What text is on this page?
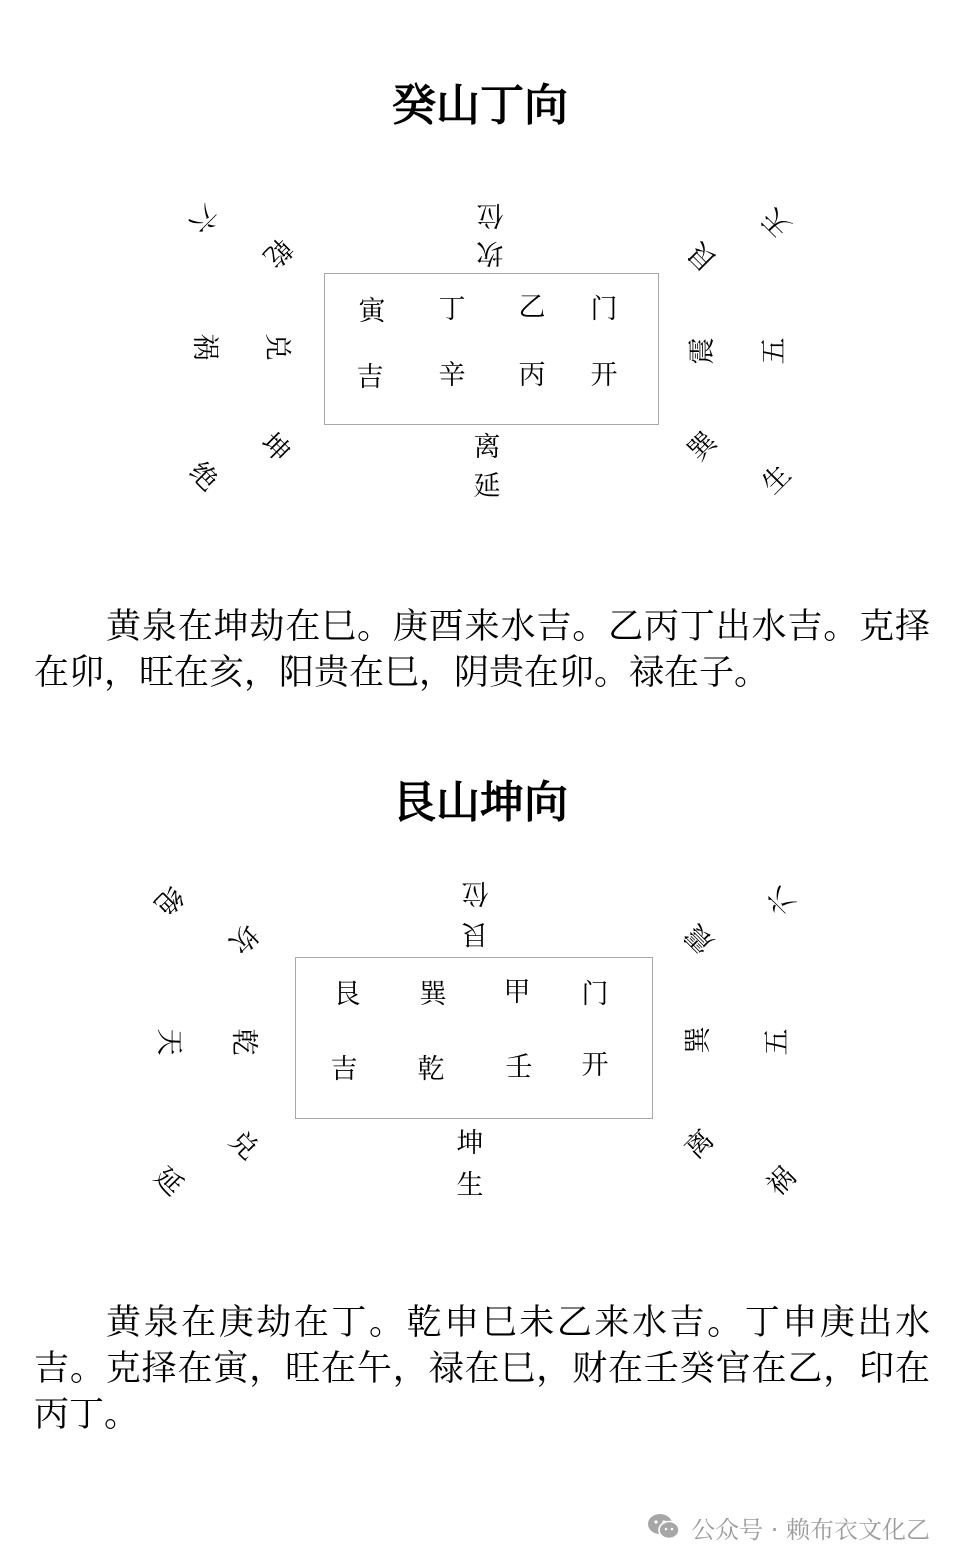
癸山丁向
寅 丁 乙 门
吉 辛 丙 开
坎
位
离
延
乾
兑
坤
六
祸
绝
艮
震
巽
天
五
生

黄泉在坤劫在巳。庚酉来水吉。乙丙丁出水吉。克择在卯，旺在亥，阳贵在巳，阴贵在卯。禄在子。

艮山坤向
艮 巽 甲 门
吉 乾 壬 开
艮
位
坤
生
坎
乾
兑
绝
天
延
震
巽
离
六
五
祸

黄泉在庚劫在丁。乾申巳未乙来水吉。丁申庚出水吉。克择在寅，旺在午，禄在巳，财在壬癸官在乙，印在丙丁。

公众号 · 赖布衣文化乙
